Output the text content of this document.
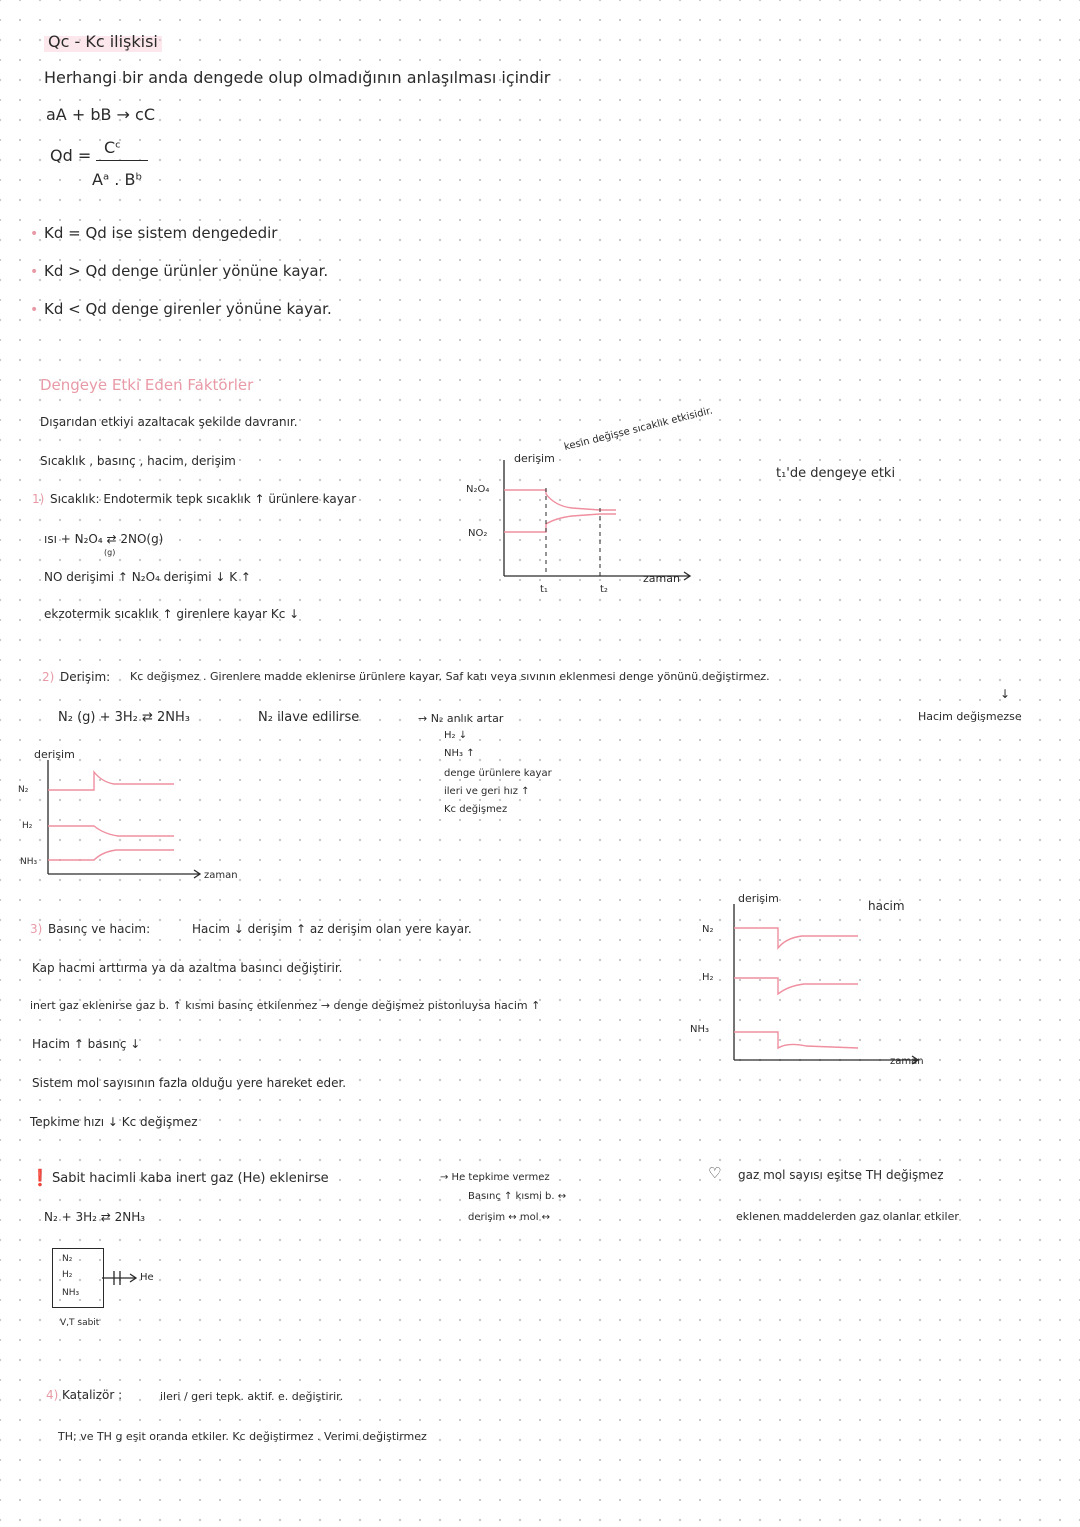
Qc - Kc ilişkisi
Herhangi bir anda dengede olup olmadığının anlaşılması içindir
aA + bB → cC
Qd = Cᶜ
Aᵃ . Bᵇ
• Kd = Qd ise sistem dengededir
• Kd > Qd denge ürünler yönüne kayar.
• Kd < Qd denge girenler yönüne kayar.
Dengeye Etki Eden Faktörler
Dışarıdan etkiyi azaltacak şekilde davranır.
Sıcaklık , basınç , hacim, derişim
1) Sıcaklık: Endotermik tepk sıcaklık ↑ ürünlere kayar
ısı + N₂O₄ ⇄ 2NO(g)
(g)
NO derişimi ↑ N₂O₄ derişimi ↓ K ↑
ekzotermik sıcaklık ↑ girenlere kayar Kc ↓
derişim
zaman
N₂O₄
NO₂
t₁	t₂
kesin değişse sıcaklık etkisidir.
t₁'de dengeye etki
2) Derişim: Kc değişmez . Girenlere madde eklenirse ürünlere kayar. Saf katı veya sıvının eklenmesi denge yönünü değiştirmez.
↓
Hacim değişmezse
N₂ (g) + 3H₂ ⇄ 2NH₃	N₂ ilave edilirse	→ N₂ anlık artar
H₂ ↓
NH₃ ↑
denge ürünlere kayar
ileri ve geri hız ↑
Kc değişmez
derişim
zaman
N₂
H₂
NH₃
3) Basınç ve hacim:	Hacim ↓ derişim ↑ az derişim olan yere kayar.
Kap hacmi arttırma ya da azaltma basıncı değiştirir.
inert gaz eklenirse gaz b. ↑ kısmi basınç etkilenmez → denge değişmez pistonluysa hacim ↑
Hacim ↑ basınç ↓
Sistem mol sayısının fazla olduğu yere hareket eder.
Tepkime hızı ↓ Kc değişmez
derişim
hacim
zaman
N₂
H₂
NH₃
❗ Sabit hacimli kaba inert gaz (He) eklenirse
N₂ + 3H₂ ⇄ 2NH₃
→ He tepkime vermez
Basınç ↑ kısmi b. ↔
derişim ↔ mol ↔
N₂
H₂
NH₃
He
V,T sabit
♡ gaz mol sayısı eşitse TH değişmez
eklenen maddelerden gaz olanlar etkiler
4) Katalizör :	ileri / geri tepk. aktif. e. değiştirir.
TH; ve TH g eşit oranda etkiler. Kc değiştirmez . Verimi değiştirmez
